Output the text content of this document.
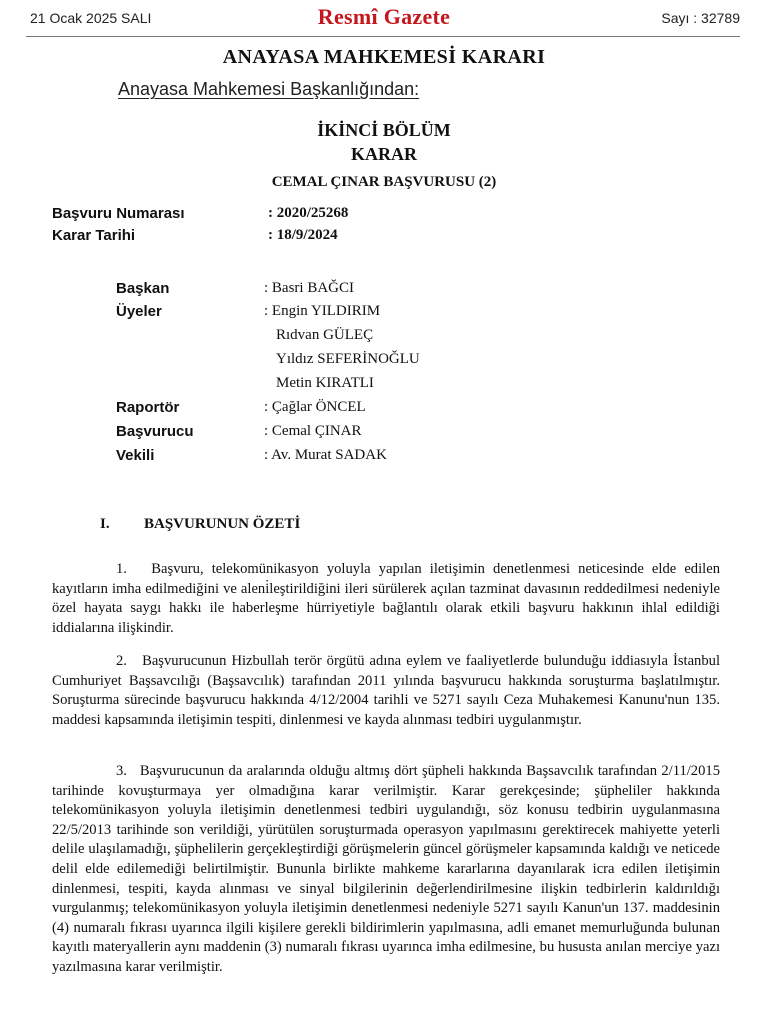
21 Ocak 2025 SALI	Resmî Gazete	Sayı : 32789
ANAYASA MAHKEMESİ KARARI
Anayasa Mahkemesi Başkanlığından:
İKİNCİ BÖLÜM
KARAR
CEMAL ÇINAR BAŞVURUSU (2)
Başvuru Numarası	: 2020/25268
Karar Tarihi	: 18/9/2024
Başkan	: Basri BAĞCI
Üyeler	: Engin YILDIRIM
Rıdvan GÜLEÇ
Yıldız SEFERİNOĞLU
Metin KIRATLI
Raportör	: Çağlar ÖNCEL
Başvurucu	: Cemal ÇINAR
Vekili	: Av. Murat SADAK
I. BAŞVURUNUN ÖZETİ

1.   Başvuru, telekomünikasyon yoluyla yapılan iletişimin denetlenmesi neticesinde elde edilen kayıtların imha edilmediğini ve aleni̇leştirildiğini ileri sürülerek açılan tazminat davasının reddedilmesi nedeniyle özel hayata saygı hakkı ile haberleşme hürriyetiyle bağlantılı olarak etkili başvuru hakkının ihlal edildiği iddialarına ilişkindir.

2.   Başvurucunun Hizbullah terör örgütü adına eylem ve faaliyetlerde bulunduğu iddiasıyla İstanbul Cumhuriyet Başsavcılığı (Başsavcılık) tarafından 2011 yılında başvurucu hakkında soruşturma başlatılmıştır. Soruşturma sürecinde başvurucu hakkında 4/12/2004 tarihli ve 5271 sayılı Ceza Muhakemesi Kanunu'nun 135. maddesi kapsamında iletişimin tespiti, dinlenmesi ve kayda alınması tedbiri uygulanmıştır.

3.   Başvurucunun da aralarında olduğu altmış dört şüpheli hakkında Başsavcılık tarafından 2/11/2015 tarihinde kovuşturmaya yer olmadığına karar verilmiştir. Karar gerekçesinde; şüpheliler hakkında telekomünikasyon yoluyla iletişimin denetlenmesi tedbiri uygulandığı, söz konusu tedbirin uygulanmasına 22/5/2013 tarihinde son verildiği, yürütülen soruşturmada operasyon yapılmasını gerektirecek mahiyette yeterli delile ulaşılamadığı, şüphelilerin gerçekleştirdiği görüşmelerin güncel görüşmeler kapsamında kaldığı ve neticede delil elde edilemediği belirtilmiştir. Bununla birlikte mahkeme kararlarına dayanılarak icra edilen iletişimin dinlenmesi, tespiti, kayda alınması ve sinyal bilgilerinin değerlendirilmesine ilişkin tedbirlerin kaldırıldığı vurgulanmış; telekomünikasyon yoluyla iletişimin denetlenmesi nedeniyle 5271 sayılı Kanun'un 137. maddesinin (4) numaralı fıkrası uyarınca ilgili kişilere gerekli bildirimlerin yapılmasına, adli emanet memurluğunda bulunan kayıtlı materyallerin aynı maddenin (3) numaralı fıkrası uyarınca imha edilmesine, bu hususta anılan merciye yazı yazılmasına karar verilmiştir.
